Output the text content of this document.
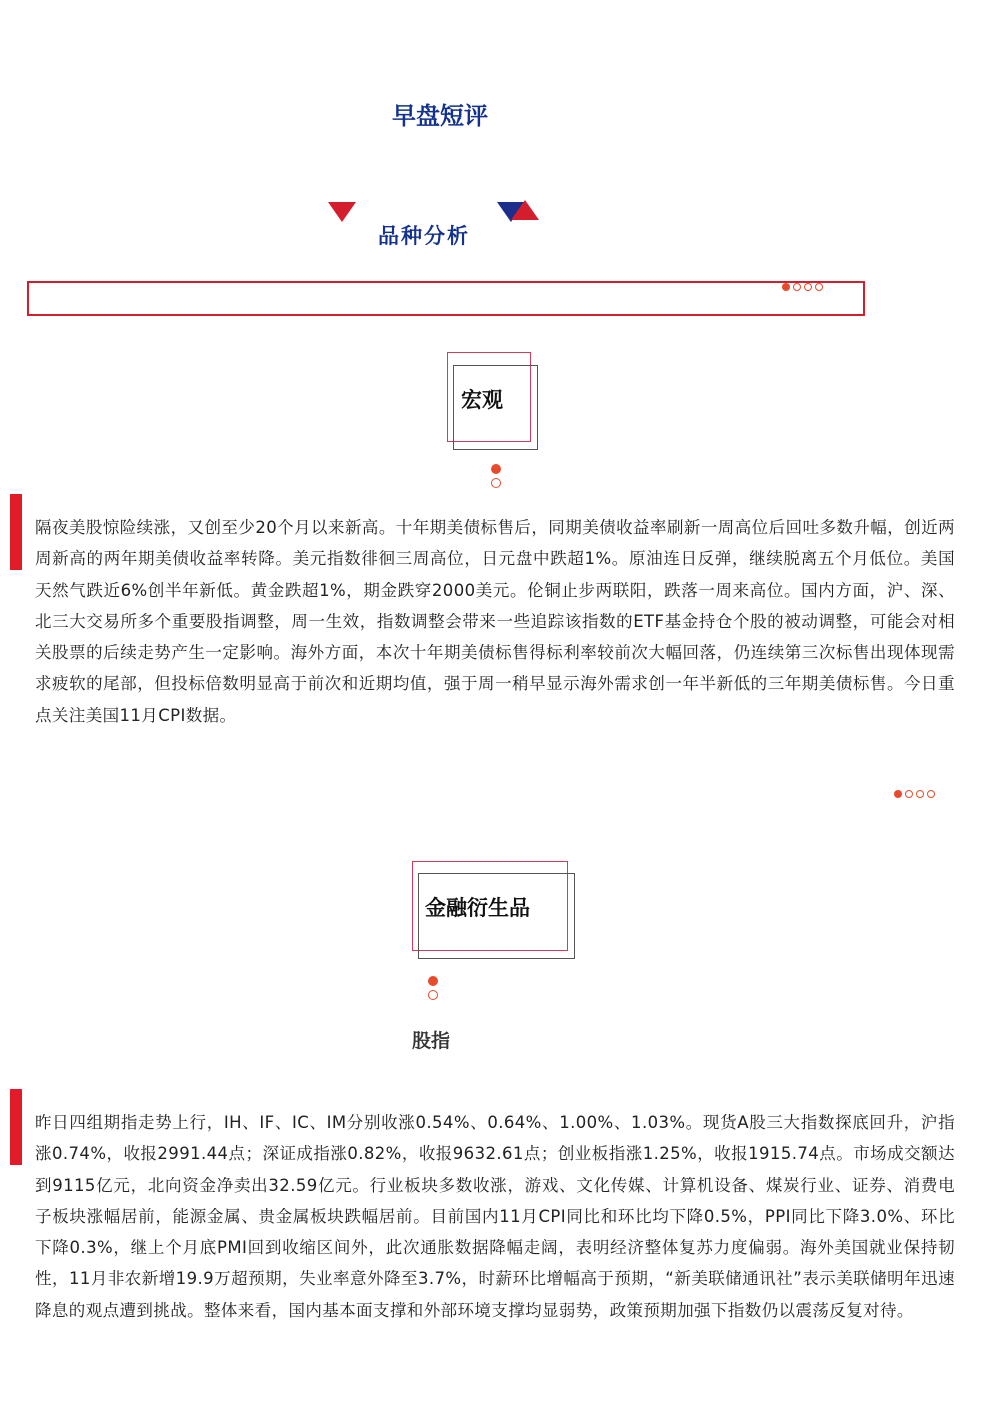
早盘短评
品种分析
宏观
隔夜美股惊险续涨，又创至少20个月以来新高。十年期美债标售后，同期美债收益率刷新一周高位后回吐多数升幅，创近两周新高的两年期美债收益率转降。美元指数徘徊三周高位，日元盘中跌超1%。原油连日反弹，继续脱离五个月低位。美国天然气跌近6%创半年新低。黄金跌超1%，期金跌穿2000美元。伦铜止步两联阳，跌落一周来高位。国内方面，沪、深、北三大交易所多个重要股指调整，周一生效，指数调整会带来一些追踪该指数的ETF基金持仓个股的被动调整，可能会对相关股票的后续走势产生一定影响。海外方面，本次十年期美债标售得标利率较前次大幅回落，仍连续第三次标售出现体现需求疲软的尾部，但投标倍数明显高于前次和近期均值，强于周一稍早显示海外需求创一年半新低的三年期美债标售。今日重点关注美国11月CPI数据。
金融衍生品
股指
昨日四组期指走势上行，IH、IF、IC、IM分别收涨0.54%、0.64%、1.00%、1.03%。现货A股三大指数探底回升，沪指涨0.74%，收报2991.44点；深证成指涨0.82%，收报9632.61点；创业板指涨1.25%，收报1915.74点。市场成交额达到9115亿元，北向资金净卖出32.59亿元。行业板块多数收涨，游戏、文化传媒、计算机设备、煤炭行业、证券、消费电子板块涨幅居前，能源金属、贵金属板块跌幅居前。目前国内11月CPI同比和环比均下降0.5%，PPI同比下降3.0%、环比下降0.3%，继上个月底PMI回到收缩区间外，此次通胀数据降幅走阔，表明经济整体复苏力度偏弱。海外美国就业保持韧性，11月非农新增19.9万超预期，失业率意外降至3.7%，时薪环比增幅高于预期，“新美联储通讯社”表示美联储明年迅速降息的观点遭到挑战。整体来看，国内基本面支撑和外部环境支撑均显弱势，政策预期加强下指数仍以震荡反复对待。
